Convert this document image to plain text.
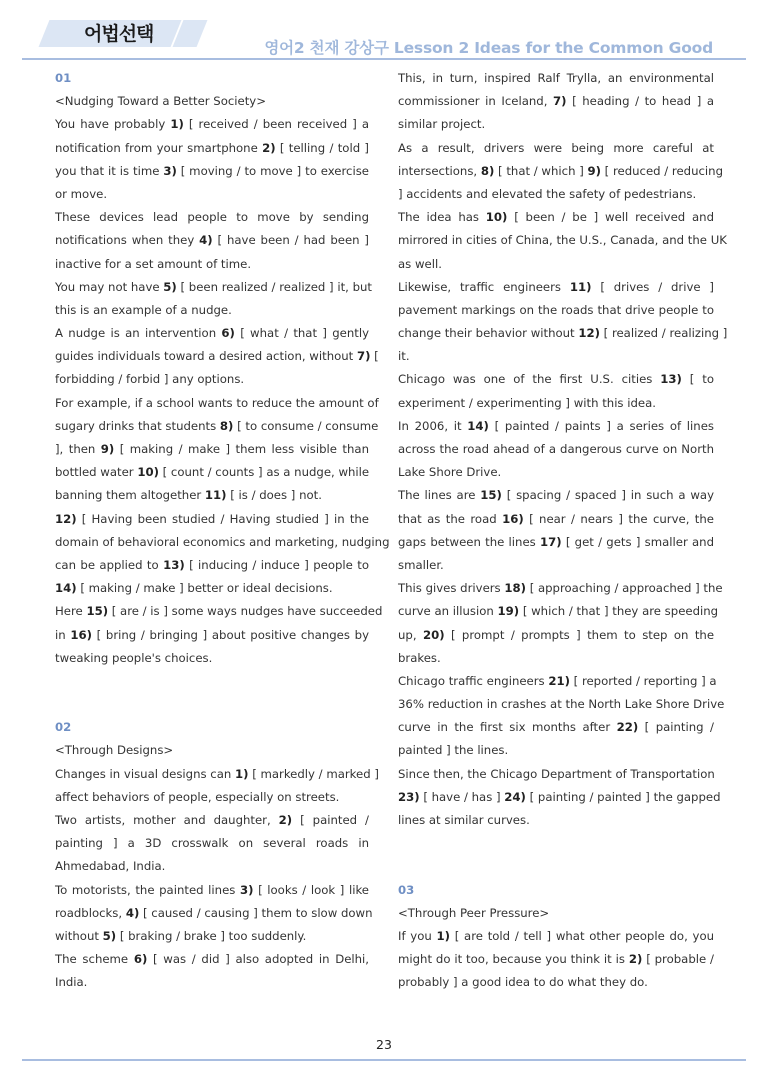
어법선택
영어2 천재 강상구 Lesson 2 Ideas for the Common Good
01
<Nudging Toward a Better Society>
You have probably 1) [ received / been received ] a
notification from your smartphone 2) [ telling / told ]
you that it is time 3) [ moving / to move ] to exercise
or move.
These devices lead people to move by sending
notifications when they 4) [ have been / had been ]
inactive for a set amount of time.
You may not have 5) [ been realized / realized ] it, but
this is an example of a nudge.
A nudge is an intervention 6) [ what / that ] gently
guides individuals toward a desired action, without 7) [
forbidding / forbid ] any options.
For example, if a school wants to reduce the amount of
sugary drinks that students 8) [ to consume / consume
], then 9) [ making / make ] them less visible than
bottled water 10) [ count / counts ] as a nudge, while
banning them altogether 11) [ is / does ] not.
12) [ Having been studied / Having studied ] in the
domain of behavioral economics and marketing, nudging
can be applied to 13) [ inducing / induce ] people to
14) [ making / make ] better or ideal decisions.
Here 15) [ are / is ] some ways nudges have succeeded
in 16) [ bring / bringing ] about positive changes by
tweaking people's choices.
02
<Through Designs>
Changes in visual designs can 1) [ markedly / marked ]
affect behaviors of people, especially on streets.
Two artists, mother and daughter, 2) [ painted /
painting ] a 3D crosswalk on several roads in
Ahmedabad, India.
To motorists, the painted lines 3) [ looks / look ] like
roadblocks, 4) [ caused / causing ] them to slow down
without 5) [ braking / brake ] too suddenly.
The scheme 6) [ was / did ] also adopted in Delhi,
India.
This, in turn, inspired Ralf Trylla, an environmental
commissioner in Iceland, 7) [ heading / to head ] a
similar project.
As a result, drivers were being more careful at
intersections, 8) [ that / which ] 9) [ reduced / reducing
] accidents and elevated the safety of pedestrians.
The idea has 10) [ been / be ] well received and
mirrored in cities of China, the U.S., Canada, and the UK
as well.
Likewise, traffic engineers 11) [ drives / drive ]
pavement markings on the roads that drive people to
change their behavior without 12) [ realized / realizing ]
it.
Chicago was one of the first U.S. cities 13) [ to
experiment / experimenting ] with this idea.
In 2006, it 14) [ painted / paints ] a series of lines
across the road ahead of a dangerous curve on North
Lake Shore Drive.
The lines are 15) [ spacing / spaced ] in such a way
that as the road 16) [ near / nears ] the curve, the
gaps between the lines 17) [ get / gets ] smaller and
smaller.
This gives drivers 18) [ approaching / approached ] the
curve an illusion 19) [ which / that ] they are speeding
up, 20) [ prompt / prompts ] them to step on the
brakes.
Chicago traffic engineers 21) [ reported / reporting ] a
36% reduction in crashes at the North Lake Shore Drive
curve in the first six months after 22) [ painting /
painted ] the lines.
Since then, the Chicago Department of Transportation
23) [ have / has ] 24) [ painting / painted ] the gapped
lines at similar curves.
03
<Through Peer Pressure>
If you 1) [ are told / tell ] what other people do, you
might do it too, because you think it is 2) [ probable /
probably ] a good idea to do what they do.
23
